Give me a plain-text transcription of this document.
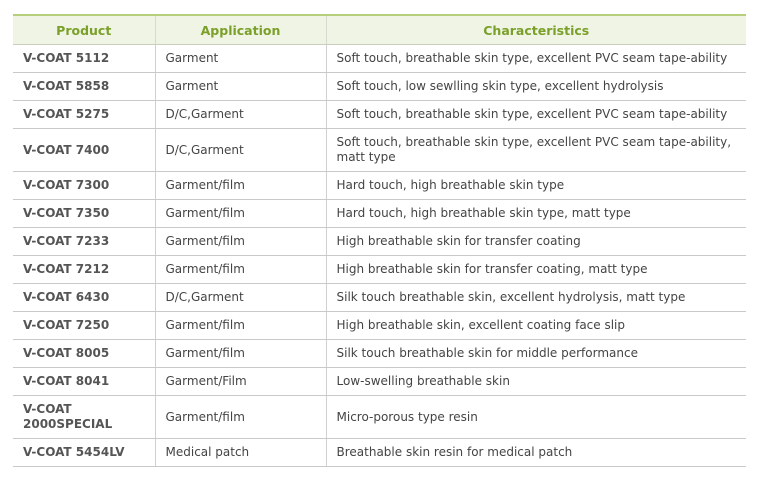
Product	Application	Characteristics
V-COAT 5112	Garment	Soft touch, breathable skin type, excellent PVC seam tape-ability
V-COAT 5858	Garment	Soft touch, low sewlling skin type, excellent hydrolysis
V-COAT 5275	D/C,Garment	Soft touch, breathable skin type, excellent PVC seam tape-ability
V-COAT 7400	D/C,Garment	Soft touch, breathable skin type, excellent PVC seam tape-ability, matt type
V-COAT 7300	Garment/film	Hard touch, high breathable skin type
V-COAT 7350	Garment/film	Hard touch, high breathable skin type, matt type
V-COAT 7233	Garment/film	High breathable skin for transfer coating
V-COAT 7212	Garment/film	High breathable skin for transfer coating, matt type
V-COAT 6430	D/C,Garment	Silk touch breathable skin, excellent hydrolysis, matt type
V-COAT 7250	Garment/film	High breathable skin, excellent coating face slip
V-COAT 8005	Garment/film	Silk touch breathable skin for middle performance
V-COAT 8041	Garment/Film	Low-swelling breathable skin
V-COAT 2000SPECIAL	Garment/film	Micro-porous type resin
V-COAT 5454LV	Medical patch	Breathable skin resin for medical patch
